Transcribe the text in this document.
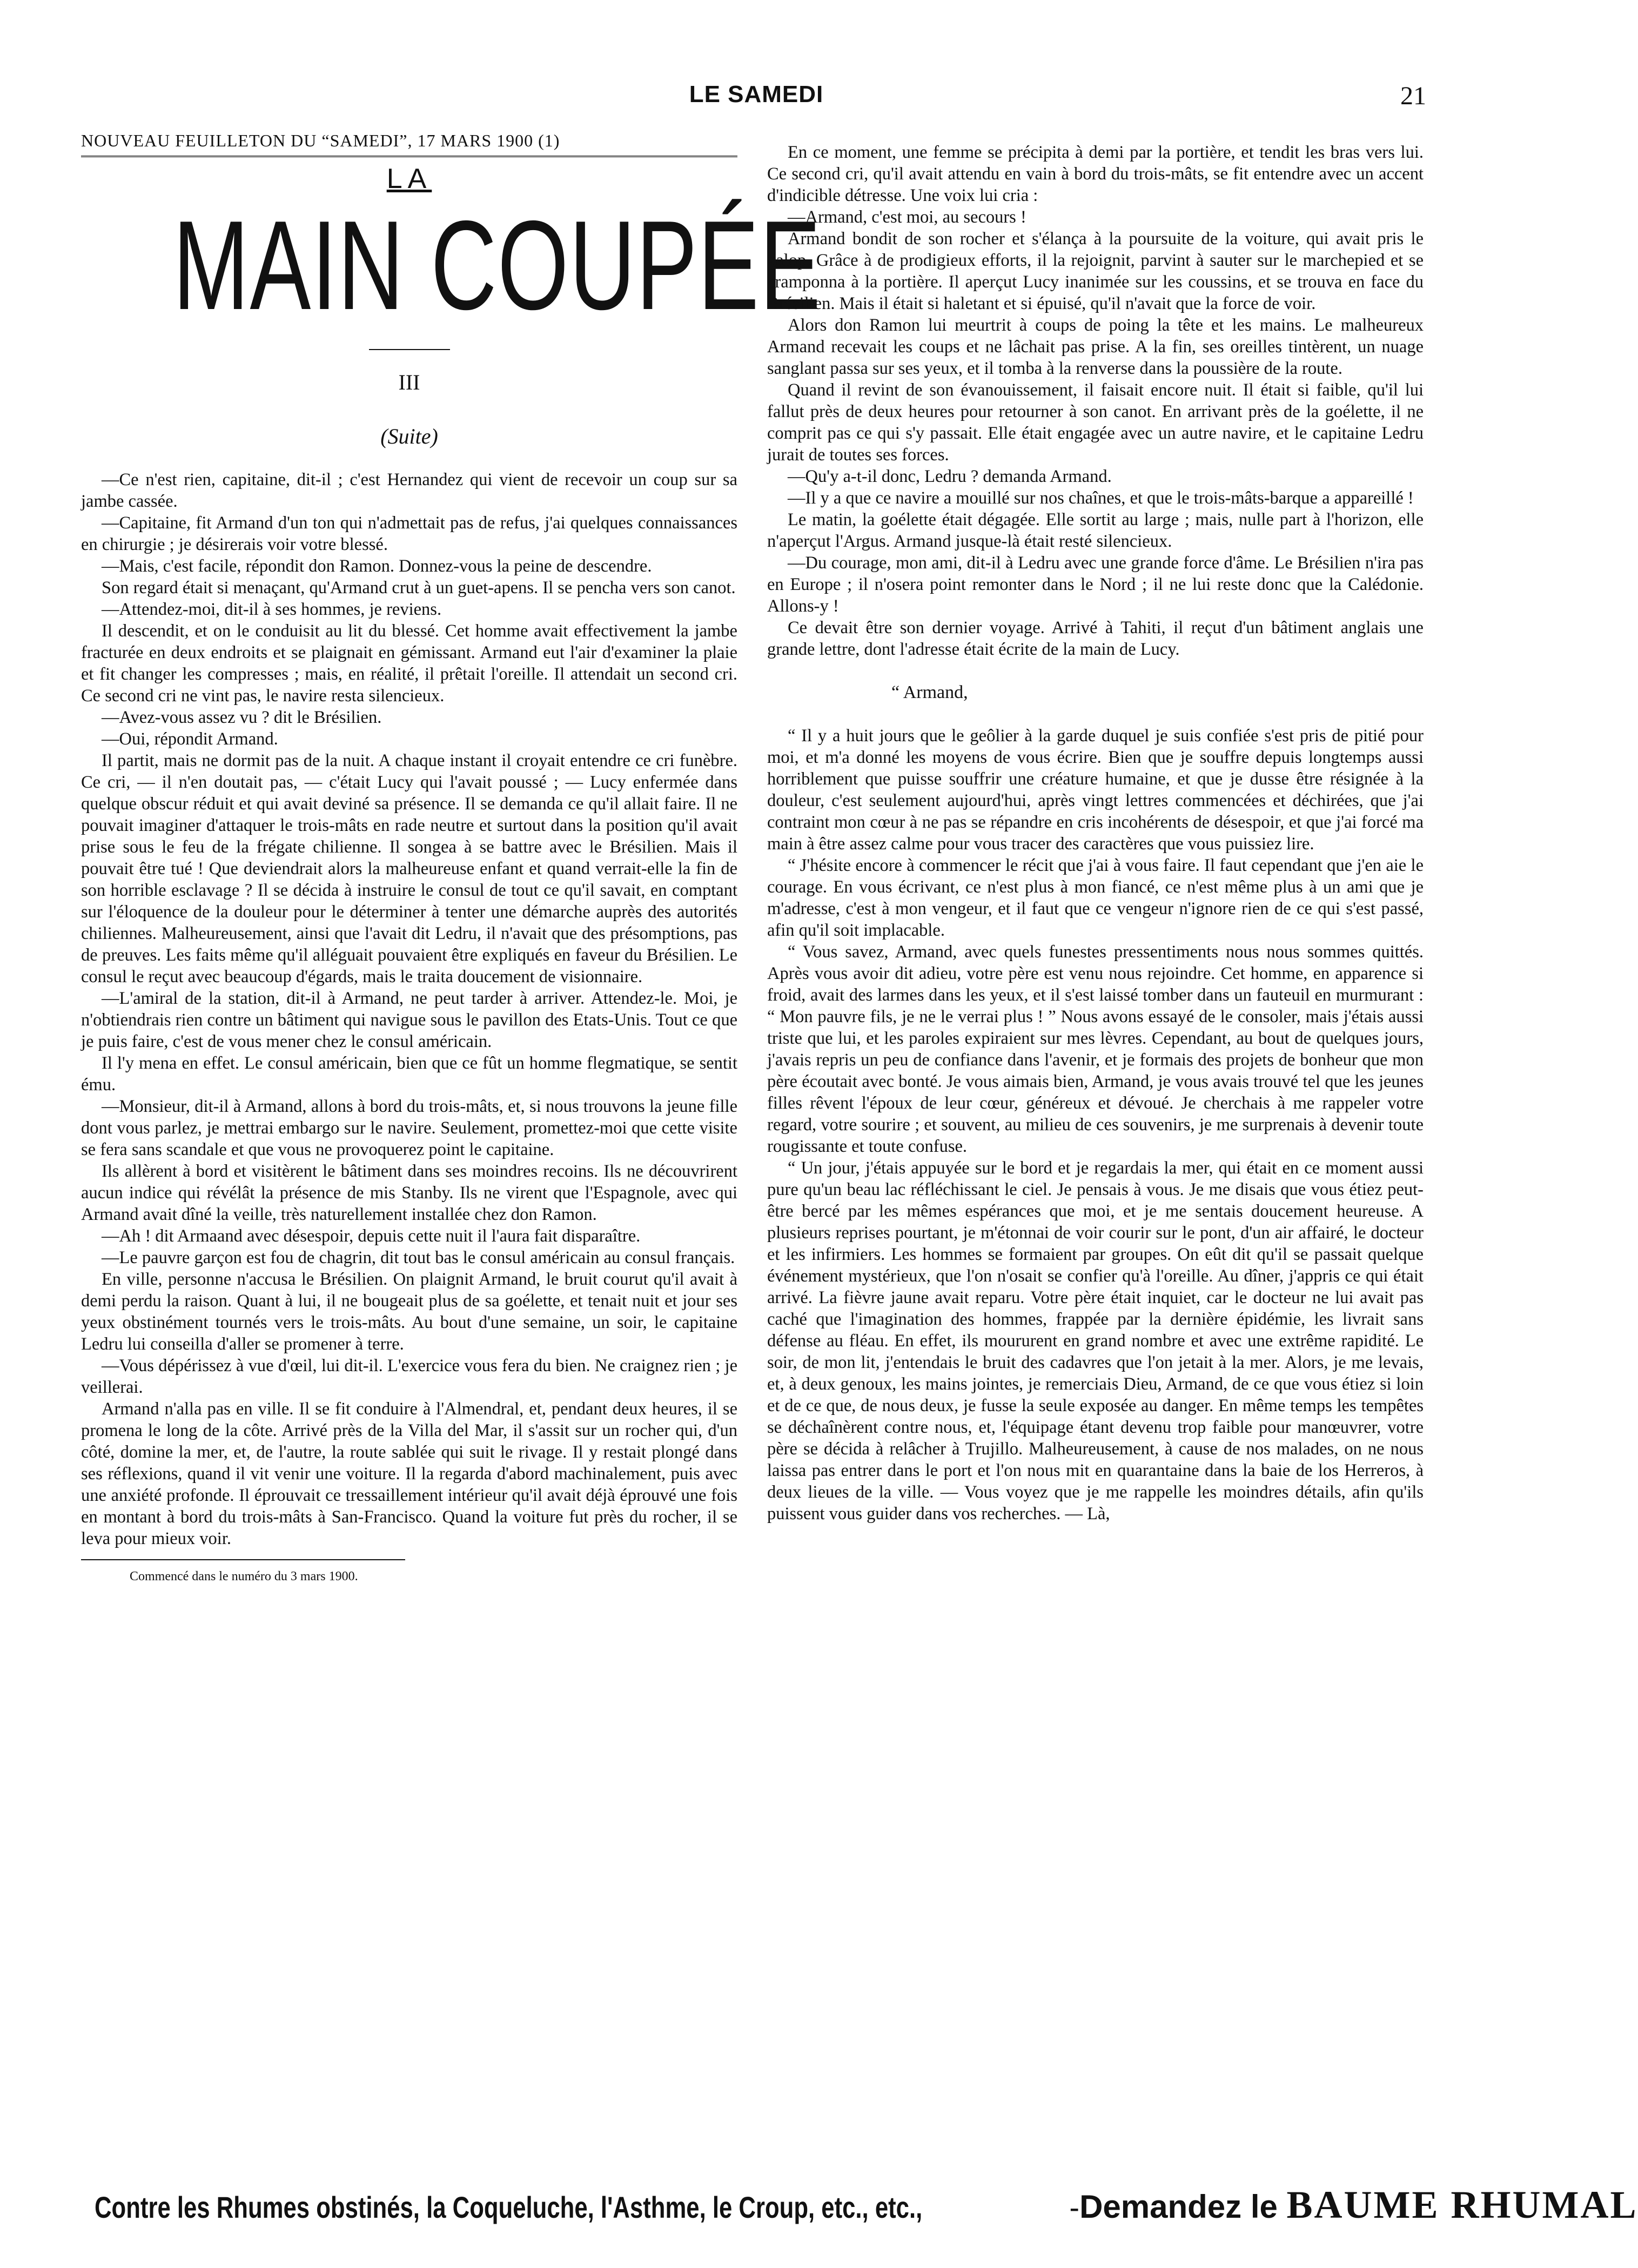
LE SAMEDI	21
NOUVEAU FEUILLETON DU “SAMEDI”, 17 MARS 1900 (1)
LA
MAIN COUPÉE
III
(Suite)

—Ce n'est rien, capitaine, dit-il ; c'est Hernandez qui vient de recevoir un coup sur sa jambe cassée.

—Capitaine, fit Armand d'un ton qui n'admettait pas de refus, j'ai quelques connaissances en chirurgie ; je désirerais voir votre blessé.

—Mais, c'est facile, répondit don Ramon. Donnez-vous la peine de descendre.

Son regard était si menaçant, qu'Armand crut à un guet-apens. Il se pencha vers son canot.

—Attendez-moi, dit-il à ses hommes, je reviens.

Il descendit, et on le conduisit au lit du blessé. Cet homme avait effectivement la jambe fracturée en deux endroits et se plaignait en gémissant. Armand eut l'air d'examiner la plaie et fit changer les compresses ; mais, en réalité, il prêtait l'oreille. Il attendait un second cri. Ce second cri ne vint pas, le navire resta silencieux.

—Avez-vous assez vu ? dit le Brésilien.

—Oui, répondit Armand.

Il partit, mais ne dormit pas de la nuit. A chaque instant il croyait entendre ce cri funèbre. Ce cri, — il n'en doutait pas, — c'était Lucy qui l'avait poussé ; — Lucy enfermée dans quelque obscur réduit et qui avait deviné sa présence. Il se demanda ce qu'il allait faire. Il ne pouvait imaginer d'attaquer le trois-mâts en rade neutre et surtout dans la position qu'il avait prise sous le feu de la frégate chilienne. Il songea à se battre avec le Brésilien. Mais il pouvait être tué ! Que deviendrait alors la malheureuse enfant et quand verrait-elle la fin de son horrible esclavage ? Il se décida à instruire le consul de tout ce qu'il savait, en comptant sur l'éloquence de la douleur pour le déterminer à tenter une démarche auprès des autorités chiliennes. Malheureusement, ainsi que l'avait dit Ledru, il n'avait que des présomptions, pas de preuves. Les faits même qu'il alléguait pouvaient être expliqués en faveur du Brésilien. Le consul le reçut avec beaucoup d'égards, mais le traita doucement de visionnaire.

—L'amiral de la station, dit-il à Armand, ne peut tarder à arriver. Attendez-le. Moi, je n'obtiendrais rien contre un bâtiment qui navigue sous le pavillon des Etats-Unis. Tout ce que je puis faire, c'est de vous mener chez le consul américain.

Il l'y mena en effet. Le consul américain, bien que ce fût un homme flegmatique, se sentit ému.

—Monsieur, dit-il à Armand, allons à bord du trois-mâts, et, si nous trouvons la jeune fille dont vous parlez, je mettrai embargo sur le navire. Seulement, promettez-moi que cette visite se fera sans scandale et que vous ne provoquerez point le capitaine.

Ils allèrent à bord et visitèrent le bâtiment dans ses moindres recoins. Ils ne découvrirent aucun indice qui révélât la présence de mis Stanby. Ils ne virent que l'Espagnole, avec qui Armand avait dîné la veille, très naturellement installée chez don Ramon.

—Ah ! dit Armaand avec désespoir, depuis cette nuit il l'aura fait disparaître.

—Le pauvre garçon est fou de chagrin, dit tout bas le consul américain au consul français.

En ville, personne n'accusa le Brésilien. On plaignit Armand, le bruit courut qu'il avait à demi perdu la raison. Quant à lui, il ne bougeait plus de sa goélette, et tenait nuit et jour ses yeux obstinément tournés vers le trois-mâts. Au bout d'une semaine, un soir, le capitaine Ledru lui conseilla d'aller se promener à terre.

—Vous dépérissez à vue d'œil, lui dit-il. L'exercice vous fera du bien. Ne craignez rien ; je veillerai.

Armand n'alla pas en ville. Il se fit conduire à l'Almendral, et, pendant deux heures, il se promena le long de la côte. Arrivé près de la Villa del Mar, il s'assit sur un rocher qui, d'un côté, domine la mer, et, de l'autre, la route sablée qui suit le rivage. Il y restait plongé dans ses réflexions, quand il vit venir une voiture. Il la regarda d'abord machinalement, puis avec une anxiété profonde. Il éprouvait ce tressaillement intérieur qu'il avait déjà éprouvé une fois en montant à bord du trois-mâts à San-Francisco. Quand la voiture fut près du rocher, il se leva pour mieux voir.

Commencé dans le numéro du 3 mars 1900.

En ce moment, une femme se précipita à demi par la portière, et tendit les bras vers lui. Ce second cri, qu'il avait attendu en vain à bord du trois-mâts, se fit entendre avec un accent d'indicible détresse. Une voix lui cria :

—Armand, c'est moi, au secours !

Armand bondit de son rocher et s'élança à la poursuite de la voiture, qui avait pris le galop. Grâce à de prodigieux efforts, il la rejoignit, parvint à sauter sur le marchepied et se cramponna à la portière. Il aperçut Lucy inanimée sur les coussins, et se trouva en face du Brésilien. Mais il était si haletant et si épuisé, qu'il n'avait que la force de voir.

Alors don Ramon lui meurtrit à coups de poing la tête et les mains. Le malheureux Armand recevait les coups et ne lâchait pas prise. A la fin, ses oreilles tintèrent, un nuage sanglant passa sur ses yeux, et il tomba à la renverse dans la poussière de la route.

Quand il revint de son évanouissement, il faisait encore nuit. Il était si faible, qu'il lui fallut près de deux heures pour retourner à son canot. En arrivant près de la goélette, il ne comprit pas ce qui s'y passait. Elle était engagée avec un autre navire, et le capitaine Ledru jurait de toutes ses forces.

—Qu'y a-t-il donc, Ledru ? demanda Armand.

—Il y a que ce navire a mouillé sur nos chaînes, et que le trois-mâts-barque a appareillé !

Le matin, la goélette était dégagée. Elle sortit au large ; mais, nulle part à l'horizon, elle n'aperçut l'Argus. Armand jusque-là était resté silencieux.

—Du courage, mon ami, dit-il à Ledru avec une grande force d'âme. Le Brésilien n'ira pas en Europe ; il n'osera point remonter dans le Nord ; il ne lui reste donc que la Calédonie. Allons-y !

Ce devait être son dernier voyage. Arrivé à Tahiti, il reçut d'un bâtiment anglais une grande lettre, dont l'adresse était écrite de la main de Lucy.

“ Armand,

“ Il y a huit jours que le geôlier à la garde duquel je suis confiée s'est pris de pitié pour moi, et m'a donné les moyens de vous écrire. Bien que je souffre depuis longtemps aussi horriblement que puisse souffrir une créature humaine, et que je dusse être résignée à la douleur, c'est seulement aujourd'hui, après vingt lettres commencées et déchirées, que j'ai contraint mon cœur à ne pas se répandre en cris incohérents de désespoir, et que j'ai forcé ma main à être assez calme pour vous tracer des caractères que vous puissiez lire.

“ J'hésite encore à commencer le récit que j'ai à vous faire. Il faut cependant que j'en aie le courage. En vous écrivant, ce n'est plus à mon fiancé, ce n'est même plus à un ami que je m'adresse, c'est à mon vengeur, et il faut que ce vengeur n'ignore rien de ce qui s'est passé, afin qu'il soit implacable.

“ Vous savez, Armand, avec quels funestes pressentiments nous nous sommes quittés. Après vous avoir dit adieu, votre père est venu nous rejoindre. Cet homme, en apparence si froid, avait des larmes dans les yeux, et il s'est laissé tomber dans un fauteuil en murmurant : “ Mon pauvre fils, je ne le verrai plus ! ” Nous avons essayé de le consoler, mais j'étais aussi triste que lui, et les paroles expiraient sur mes lèvres. Cependant, au bout de quelques jours, j'avais repris un peu de confiance dans l'avenir, et je formais des projets de bonheur que mon père écoutait avec bonté. Je vous aimais bien, Armand, je vous avais trouvé tel que les jeunes filles rêvent l'époux de leur cœur, généreux et dévoué. Je cherchais à me rappeler votre regard, votre sourire ; et souvent, au milieu de ces souvenirs, je me surprenais à devenir toute rougissante et toute confuse.

“ Un jour, j'étais appuyée sur le bord et je regardais la mer, qui était en ce moment aussi pure qu'un beau lac réfléchissant le ciel. Je pensais à vous. Je me disais que vous étiez peut-être bercé par les mêmes espérances que moi, et je me sentais doucement heureuse. A plusieurs reprises pourtant, je m'étonnai de voir courir sur le pont, d'un air affairé, le docteur et les infirmiers. Les hommes se formaient par groupes. On eût dit qu'il se passait quelque événement mystérieux, que l'on n'osait se confier qu'à l'oreille. Au dîner, j'appris ce qui était arrivé. La fièvre jaune avait reparu. Votre père était inquiet, car le docteur ne lui avait pas caché que l'imagination des hommes, frappée par la dernière épidémie, les livrait sans défense au fléau. En effet, ils moururent en grand nombre et avec une extrême rapidité. Le soir, de mon lit, j'entendais le bruit des cadavres que l'on jetait à la mer. Alors, je me levais, et, à deux genoux, les mains jointes, je remerciais Dieu, Armand, de ce que vous étiez si loin et de ce que, de nous deux, je fusse la seule exposée au danger. En même temps les tempêtes se déchaînèrent contre nous, et, l'équipage étant devenu trop faible pour manœuvrer, votre père se décida à relâcher à Trujillo. Malheureusement, à cause de nos malades, on ne nous laissa pas entrer dans le port et l'on nous mit en quarantaine dans la baie de los Herreros, à deux lieues de la ville. — Vous voyez que je me rappelle les moindres détails, afin qu'ils puissent vous guider dans vos recherches. — Là,

Contre les Rhumes obstinés, la Coqueluche, l'Asthme, le Croup, etc., etc.,	- Demandez le BAUME RHUMAL
